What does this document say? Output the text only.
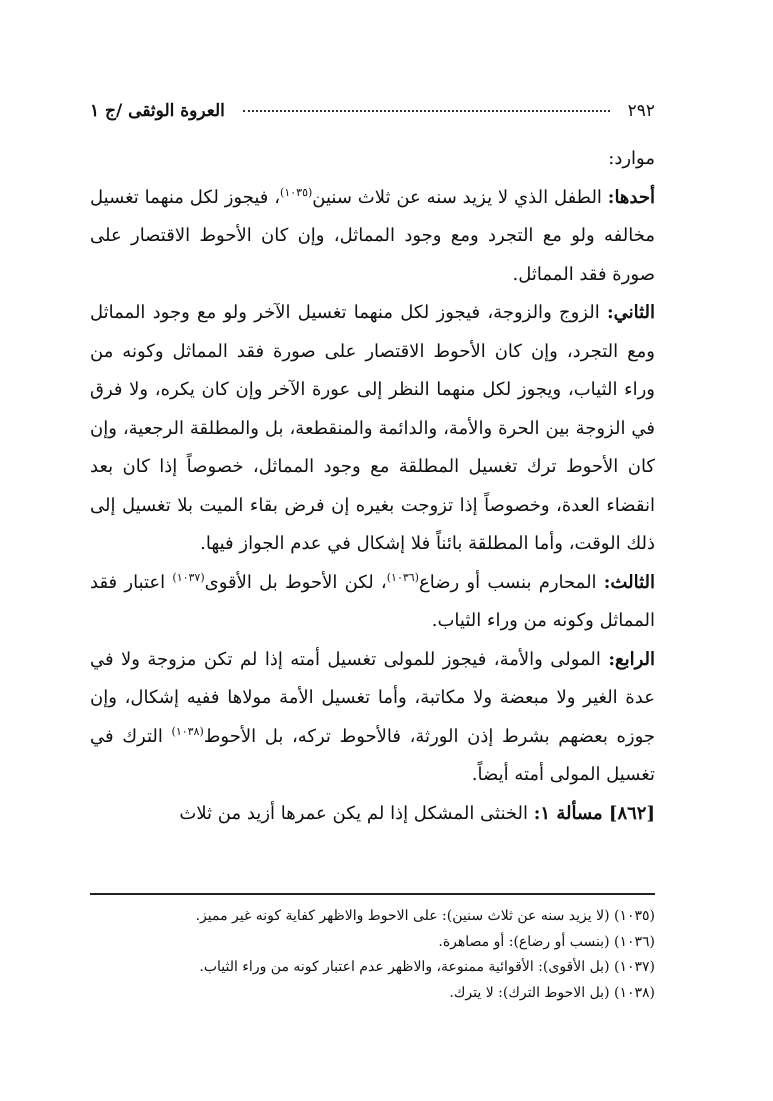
٢٩٢
العروة الوثقى /ج ١

موارد:

أحدها: الطفل الذي لا يزيد سنه عن ثلاث سنين$^{(١٠٣٥)}$، فيجوز لكل منهما تغسيل مخالفه ولو مع التجرد ومع وجود المماثل، وإن كان الأحوط الاقتصار على صورة فقد المماثل.

الثاني: الزوج والزوجة، فيجوز لكل منهما تغسيل الآخر ولو مع وجود المماثل ومع التجرد، وإن كان الأحوط الاقتصار على صورة فقد المماثل وكونه من وراء الثياب، ويجوز لكل منهما النظر إلى عورة الآخر وإن كان يكره، ولا فرق في الزوجة بين الحرة والأمة، والدائمة والمنقطعة، بل والمطلقة الرجعية، وإن كان الأحوط ترك تغسيل المطلقة مع وجود المماثل، خصوصاً إذا كان بعد انقضاء العدة، وخصوصاً إذا تزوجت بغيره إن فرض بقاء الميت بلا تغسيل إلى ذلك الوقت، وأما المطلقة بائناً فلا إشكال في عدم الجواز فيها.

الثالث: المحارم بنسب أو رضاع$^{(١٠٣٦)}$، لكن الأحوط بل الأقوى$^{(١٠٣٧)}$ اعتبار فقد المماثل وكونه من وراء الثياب.

الرابع: المولى والأمة، فيجوز للمولى تغسيل أمته إذا لم تكن مزوجة ولا في عدة الغير ولا مبعضة ولا مكاتبة، وأما تغسيل الأمة مولاها ففيه إشكال، وإن جوزه بعضهم بشرط إذن الورثة، فالأحوط تركه، بل الأحوط$^{(١٠٣٨)}$ الترك في تغسيل المولى أمته أيضاً.

[٨٦٢] مسألة ١: الخنثى المشكل إذا لم يكن عمرها أزيد من ثلاث

(١٠٣٥) (لا يزيد سنه عن ثلاث سنين): على الاحوط والاظهر كفاية كونه غير مميز.

(١٠٣٦) (بنسب أو رضاع): أو مصاهرة.

(١٠٣٧) (بل الأقوى): الأقوائية ممنوعة، والاظهر عدم اعتبار كونه من وراء الثياب.

(١٠٣٨) (بل الاحوط الترك): لا يترك.
